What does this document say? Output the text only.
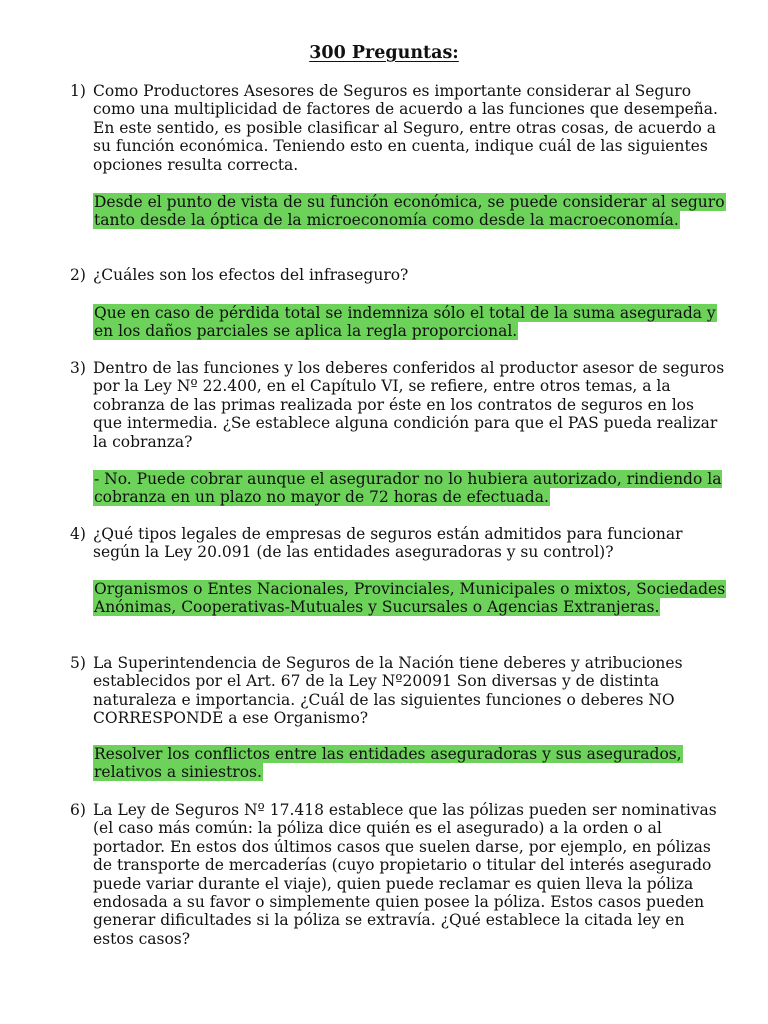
300 Preguntas:
1) Como Productores Asesores de Seguros es importante considerar al Seguro como una multiplicidad de factores de acuerdo a las funciones que desempeña. En este sentido, es posible clasificar al Seguro, entre otras cosas, de acuerdo a su función económica. Teniendo esto en cuenta, indique cuál de las siguientes opciones resulta correcta.
Desde el punto de vista de su función económica, se puede considerar al seguro tanto desde la óptica de la microeconomía como desde la macroeconomía.
2) ¿Cuáles son los efectos del infraseguro?
Que en caso de pérdida total se indemniza sólo el total de la suma asegurada y en los daños parciales se aplica la regla proporcional.
3) Dentro de las funciones y los deberes conferidos al productor asesor de seguros por la Ley Nº 22.400, en el Capítulo VI, se refiere, entre otros temas, a la cobranza de las primas realizada por éste en los contratos de seguros en los que intermedia. ¿Se establece alguna condición para que el PAS pueda realizar la cobranza?
- No. Puede cobrar aunque el asegurador no lo hubiera autorizado, rindiendo la cobranza en un plazo no mayor de 72 horas de efectuada.
4) ¿Qué tipos legales de empresas de seguros están admitidos para funcionar según la Ley 20.091 (de las entidades aseguradoras y su control)?
Organismos o Entes Nacionales, Provinciales, Municipales o mixtos, Sociedades Anónimas, Cooperativas-Mutuales y Sucursales o Agencias Extranjeras.
5) La Superintendencia de Seguros de la Nación tiene deberes y atribuciones establecidos por el Art. 67 de la Ley Nº20091 Son diversas y de distinta naturaleza e importancia. ¿Cuál de las siguientes funciones o deberes NO CORRESPONDE a ese Organismo?
Resolver los conflictos entre las entidades aseguradoras y sus asegurados, relativos a siniestros.
6) La Ley de Seguros Nº 17.418 establece que las pólizas pueden ser nominativas (el caso más común: la póliza dice quién es el asegurado) a la orden o al portador. En estos dos últimos casos que suelen darse, por ejemplo, en pólizas de transporte de mercaderías (cuyo propietario o titular del interés asegurado puede variar durante el viaje), quien puede reclamar es quien lleva la póliza endosada a su favor o simplemente quien posee la póliza. Estos casos pueden generar dificultades si la póliza se extravía. ¿Qué establece la citada ley en estos casos?
